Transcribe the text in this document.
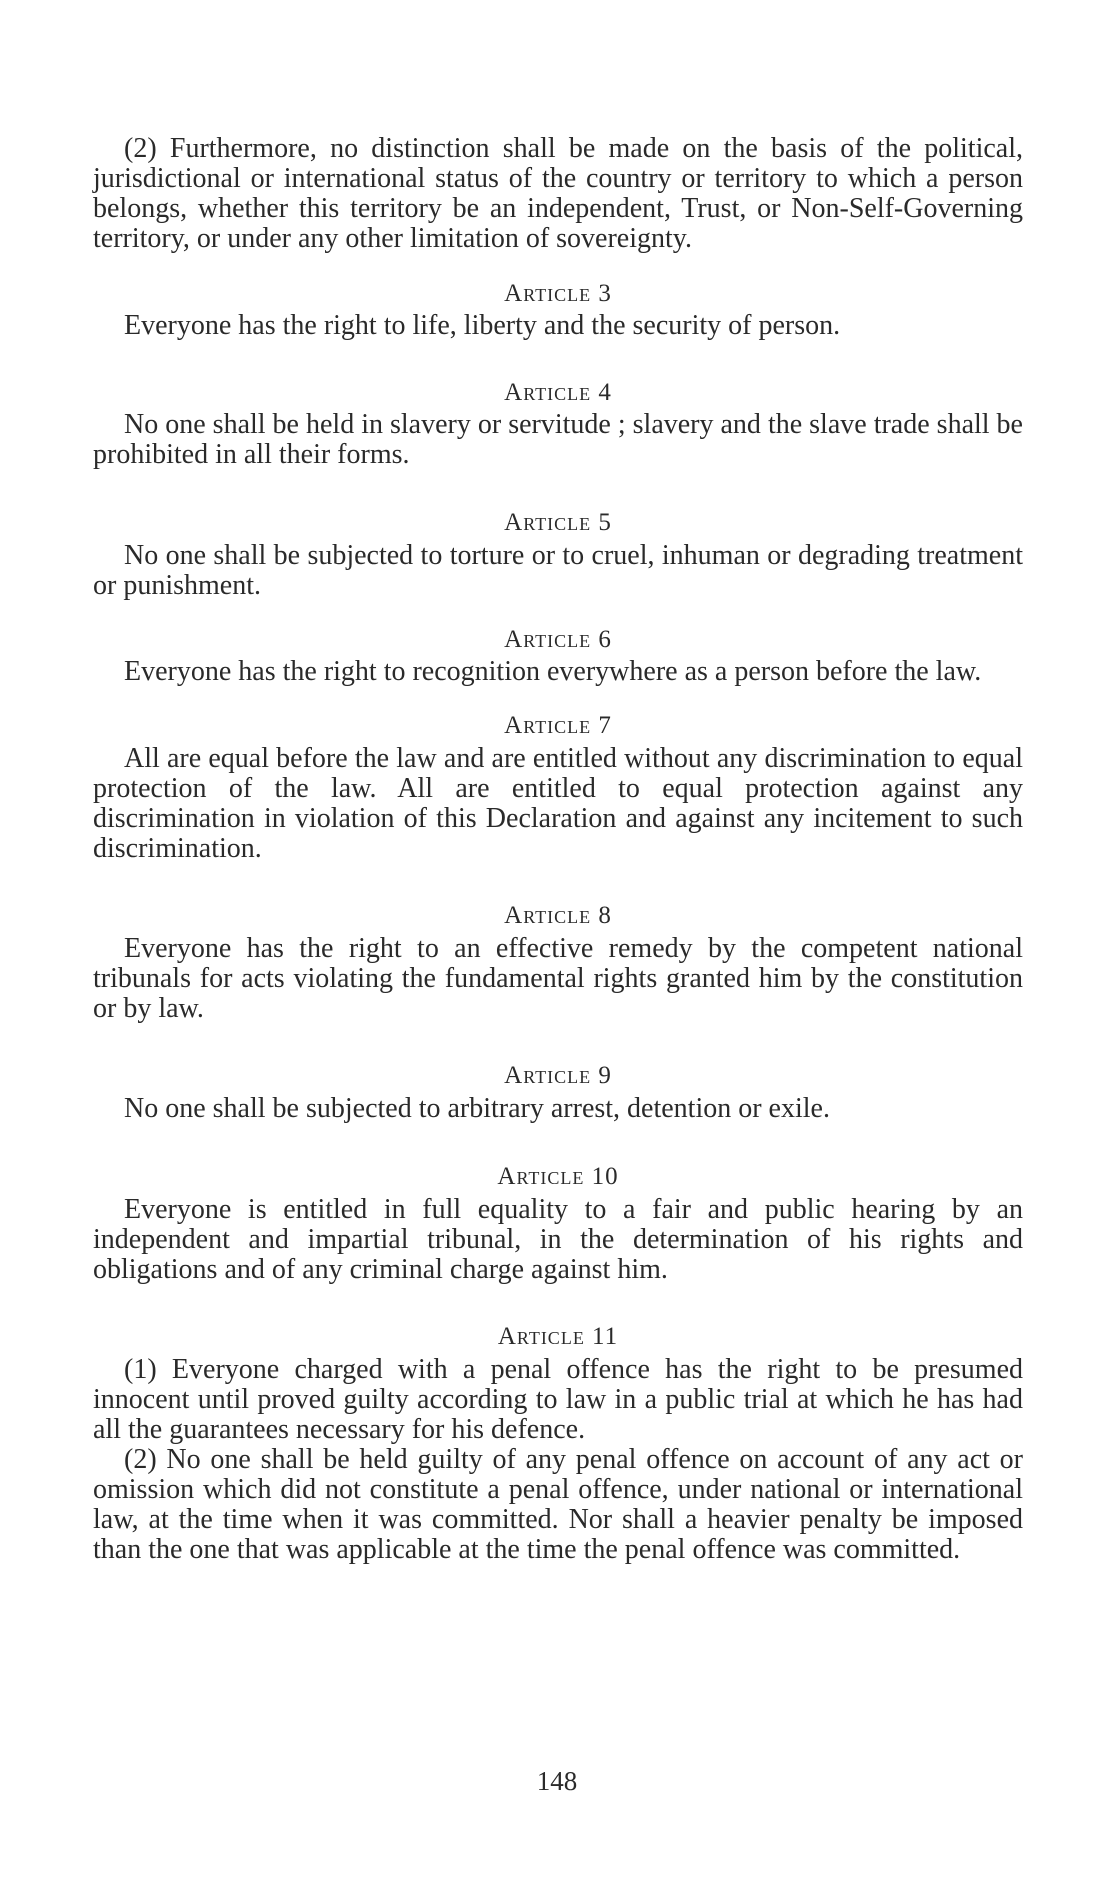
(2) Furthermore, no distinction shall be made on the basis of the political, jurisdictional or international status of the country or territory to which a person belongs, whether this territory be an independent, Trust, or Non-Self-Governing territory, or under any other limitation of sovereignty.

Article 3

Everyone has the right to life, liberty and the security of person.

Article 4

No one shall be held in slavery or servitude ; slavery and the slave trade shall be prohibited in all their forms.

Article 5

No one shall be subjected to torture or to cruel, inhuman or degrading treatment or punishment.

Article 6

Everyone has the right to recognition everywhere as a person before the law.

Article 7

All are equal before the law and are entitled without any discrimination to equal protection of the law. All are entitled to equal protection against any discrimination in violation of this Declaration and against any incitement to such discrimination.

Article 8

Everyone has the right to an effective remedy by the competent national tribunals for acts violating the fundamental rights granted him by the constitution or by law.

Article 9

No one shall be subjected to arbitrary arrest, detention or exile.

Article 10

Everyone is entitled in full equality to a fair and public hearing by an independent and impartial tribunal, in the determination of his rights and obligations and of any criminal charge against him.

Article 11

(1) Everyone charged with a penal offence has the right to be presumed innocent until proved guilty according to law in a public trial at which he has had all the guarantees necessary for his defence.

(2) No one shall be held guilty of any penal offence on account of any act or omission which did not constitute a penal offence, under national or international law, at the time when it was committed. Nor shall a heavier penalty be imposed than the one that was applicable at the time the penal offence was committed.

148
